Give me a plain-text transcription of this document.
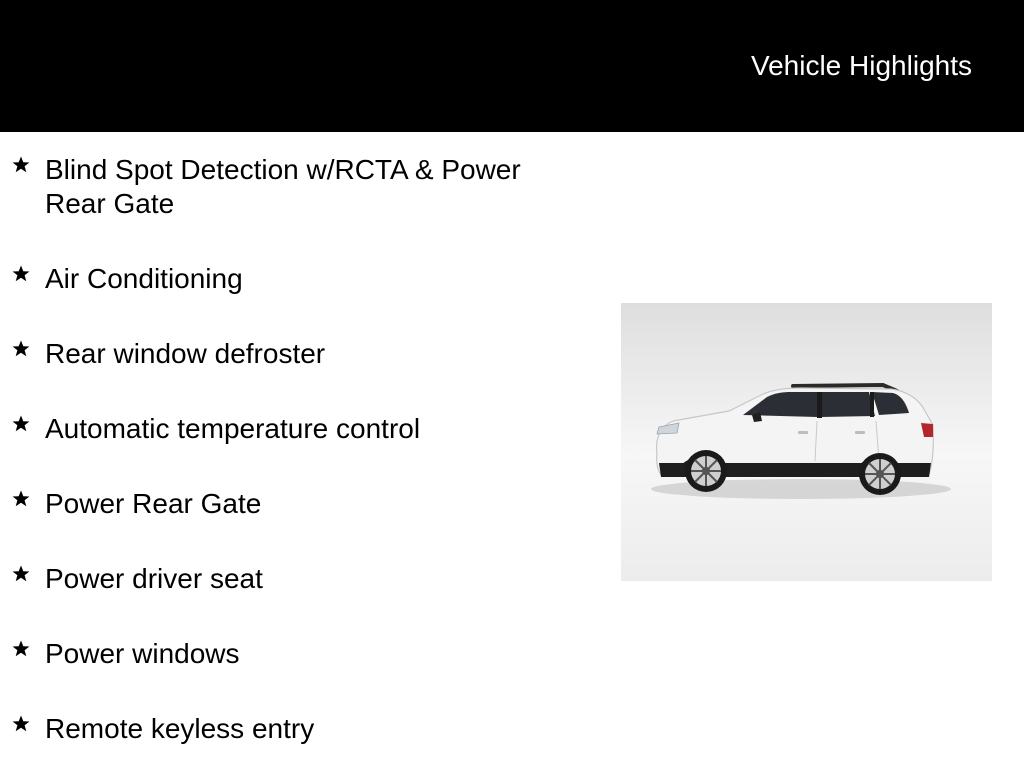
Vehicle Highlights
Blind Spot Detection w/RCTA & Power Rear Gate
Air Conditioning
Rear window defroster
Automatic temperature control
Power Rear Gate
Power driver seat
Power windows
Remote keyless entry
